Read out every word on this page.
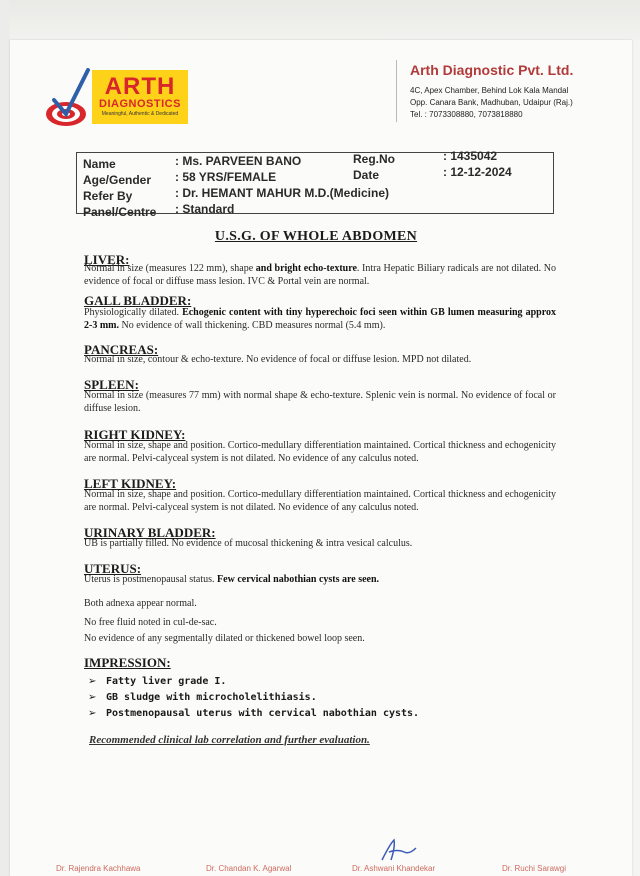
ARTH
DIAGNOSTICS
Meaningful, Authentic & Dedicated
Arth Diagnostic Pvt. Ltd.
4C, Apex Chamber, Behind Lok Kala Mandal
Opp. Canara Bank, Madhuban, Udaipur (Raj.)
Tel. : 7073308880, 7073818880
Name	: Ms. PARVEEN BANO	Reg.No	: 1435042
Age/Gender : 58 YRS/FEMALE	Date	: 12-12-2024
Refer By	: Dr. HEMANT MAHUR M.D.(Medicine)
Panel/Centre : Standard
U.S.G. OF WHOLE ABDOMEN
LIVER:
Normal in size (measures 122 mm), shape and bright echo-texture. Intra Hepatic Biliary radicals are not dilated. No evidence of focal or diffuse mass lesion. IVC & Portal vein are normal.
GALL BLADDER:
Physiologically dilated. Echogenic content with tiny hyperechoic foci seen within GB lumen measuring approx 2-3 mm. No evidence of wall thickening. CBD measures normal (5.4 mm).
PANCREAS:
Normal in size, contour & echo-texture. No evidence of focal or diffuse lesion. MPD not dilated.
SPLEEN:
Normal in size (measures 77 mm) with normal shape & echo-texture. Splenic vein is normal. No evidence of focal or diffuse lesion.
RIGHT KIDNEY:
Normal in size, shape and position. Cortico-medullary differentiation maintained. Cortical thickness and echogenicity are normal. Pelvi-calyceal system is not dilated. No evidence of any calculus noted.
LEFT KIDNEY:
Normal in size, shape and position. Cortico-medullary differentiation maintained. Cortical thickness and echogenicity are normal. Pelvi-calyceal system is not dilated. No evidence of any calculus noted.
URINARY BLADDER:
UB is partially filled. No evidence of mucosal thickening & intra vesical calculus.
UTERUS:
Uterus is postmenopausal status. Few cervical nabothian cysts are seen.
Both adnexa appear normal.
No free fluid noted in cul-de-sac.
No evidence of any segmentally dilated or thickened bowel loop seen.
IMPRESSION:
➢ Fatty liver grade I.
➢ GB sludge with microcholelithiasis.
➢ Postmenopausal uterus with cervical nabothian cysts.
Recommended clinical lab correlation and further evaluation.
Dr. Rajendra Kachhawa	Dr. Chandan K. Agarwal	Dr. Ashwani Khandekar	Dr. Ruchi Sarawgi
